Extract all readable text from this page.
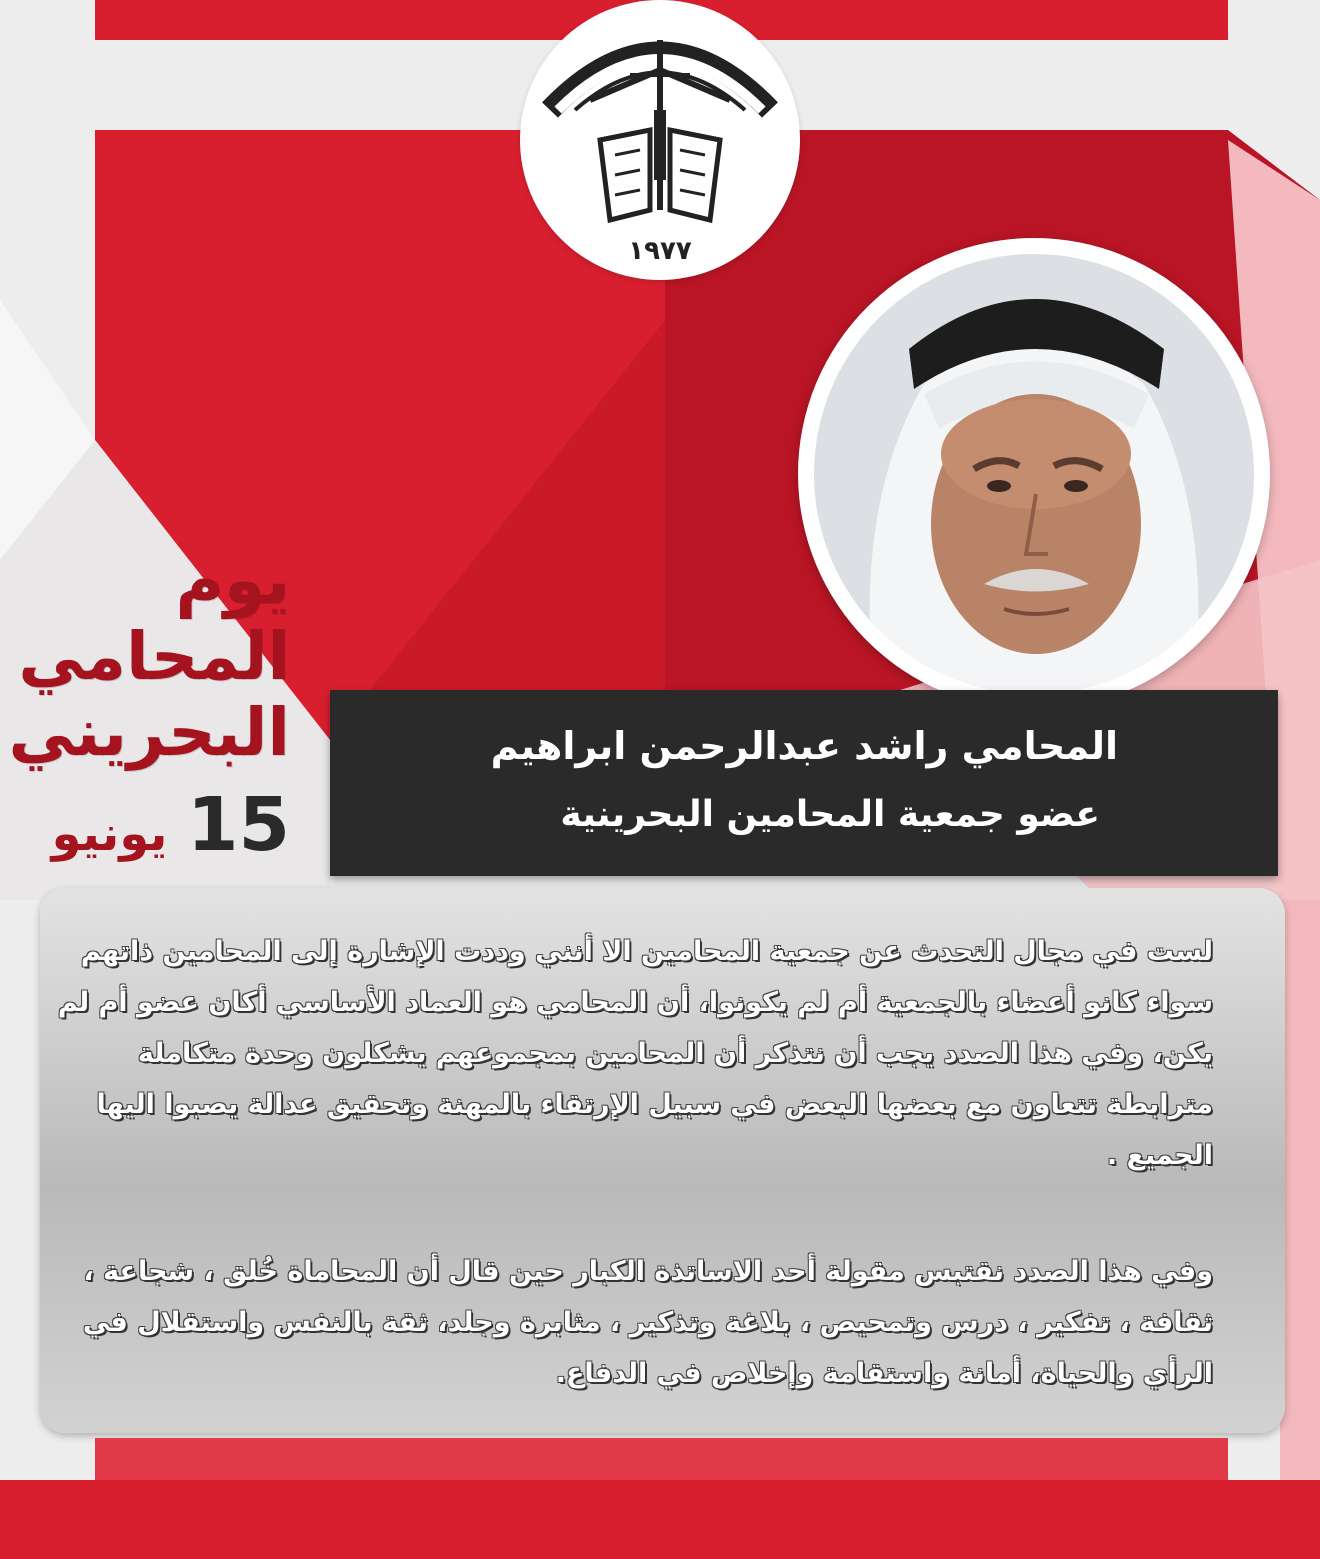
١٩٧٧
يوم
المحامي
البحريني
15 يونيو
المحامي راشد عبدالرحمن ابراهيم
عضو جمعية المحامين البحرينية
لست في مجال التحدث عن جمعية المحامين الا أنني وددت الإشارة إلى المحامين ذاتهم سواء كانو أعضاء بالجمعية أم لم يكونوا، أن المحامي هو العماد الأساسي أكان عضو أم لم يكن، وفي هذا الصدد يجب أن نتذكر أن المحامين بمجموعهم يشكلون وحدة متكاملة مترابطة تتعاون مع بعضها البعض في سبيل الإرتقاء بالمهنة وتحقيق عدالة يصبوا اليها الجميع .
وفي هذا الصدد نقتبس مقولة أحد الاساتذة الكبار حين قال أن المحاماة خُلق ، شجاعة ، ثقافة ، تفكير ، درس وتمحيص ، بلاغة وتذكير ، مثابرة وجلد، ثقة بالنفس واستقلال في الرأي والحياة، أمانة واستقامة وإخلاص في الدفاع.
